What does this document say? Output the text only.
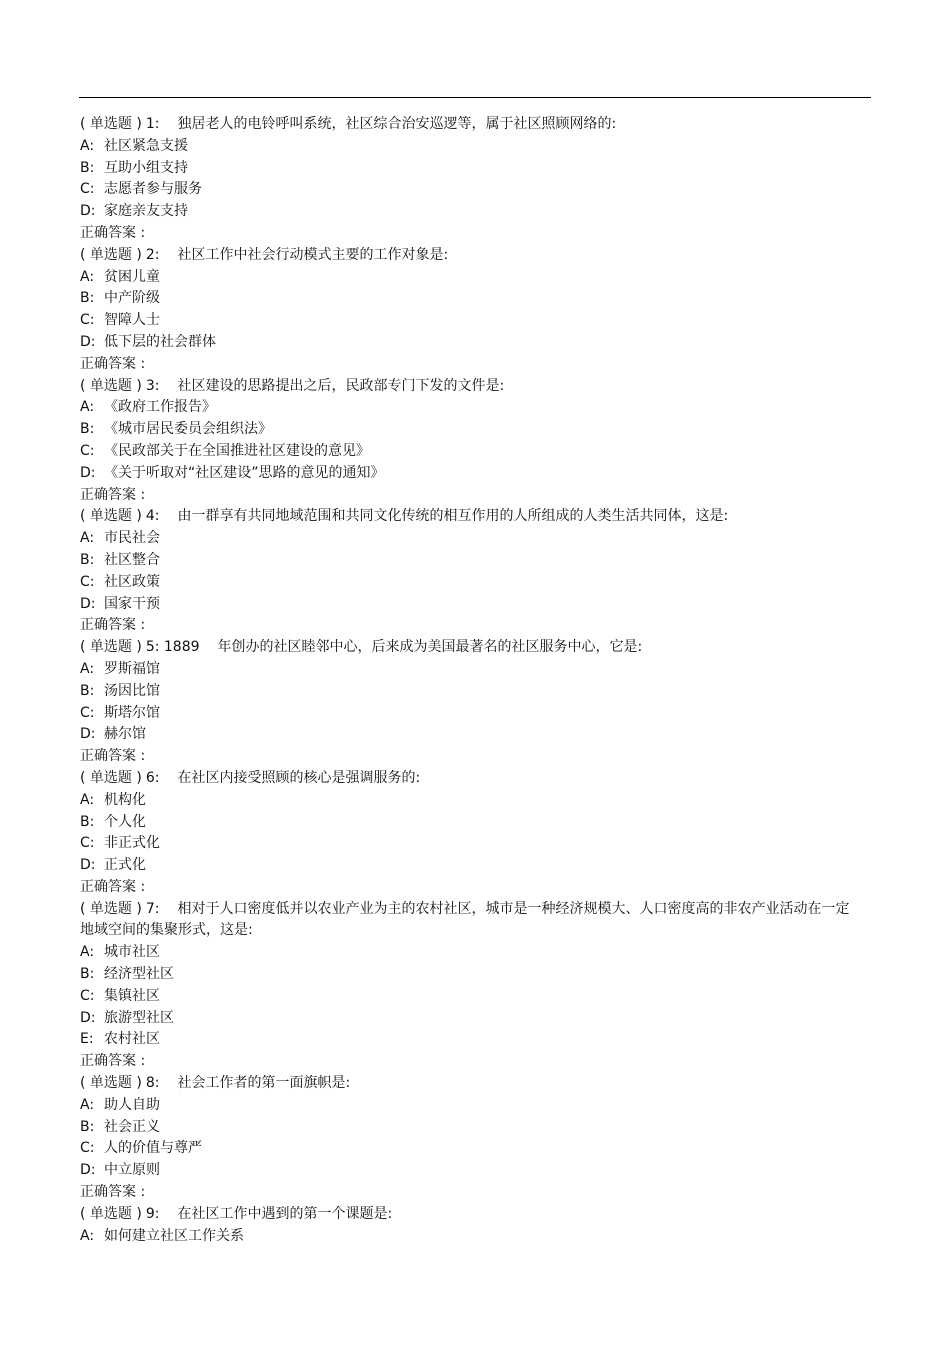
( 单选题 ) 1: 独居老人的电铃呼叫系统，社区综合治安巡逻等，属于社区照顾网络的:
A: 社区紧急支援
B: 互助小组支持
C: 志愿者参与服务
D: 家庭亲友支持
正确答案 :
( 单选题 ) 2: 社区工作中社会行动模式主要的工作对象是:
A: 贫困儿童
B: 中产阶级
C: 智障人士
D: 低下层的社会群体
正确答案 :
( 单选题 ) 3: 社区建设的思路提出之后，民政部专门下发的文件是:
A: 《政府工作报告》
B: 《城市居民委员会组织法》
C: 《民政部关于在全国推进社区建设的意见》
D: 《关于听取对“社区建设”思路的意见的通知》
正确答案 :
( 单选题 ) 4: 由一群享有共同地域范围和共同文化传统的相互作用的人所组成的人类生活共同体，这是:
A: 市民社会
B: 社区整合
C: 社区政策
D: 国家干预
正确答案 :
( 单选题 ) 5: 1889 年创办的社区睦邻中心，后来成为美国最著名的社区服务中心，它是:
A: 罗斯福馆
B: 汤因比馆
C: 斯塔尔馆
D: 赫尔馆
正确答案 :
( 单选题 ) 6: 在社区内接受照顾的核心是强调服务的:
A: 机构化
B: 个人化
C: 非正式化
D: 正式化
正确答案 :
( 单选题 ) 7: 相对于人口密度低并以农业产业为主的农村社区，城市是一种经济规模大、人口密度高的非农产业活动在一定地域空间的集聚形式，这是:
A: 城市社区
B: 经济型社区
C: 集镇社区
D: 旅游型社区
E: 农村社区
正确答案 :
( 单选题 ) 8: 社会工作者的第一面旗帜是:
A: 助人自助
B: 社会正义
C: 人的价值与尊严
D: 中立原则
正确答案 :
( 单选题 ) 9: 在社区工作中遇到的第一个课题是:
A: 如何建立社区工作关系
